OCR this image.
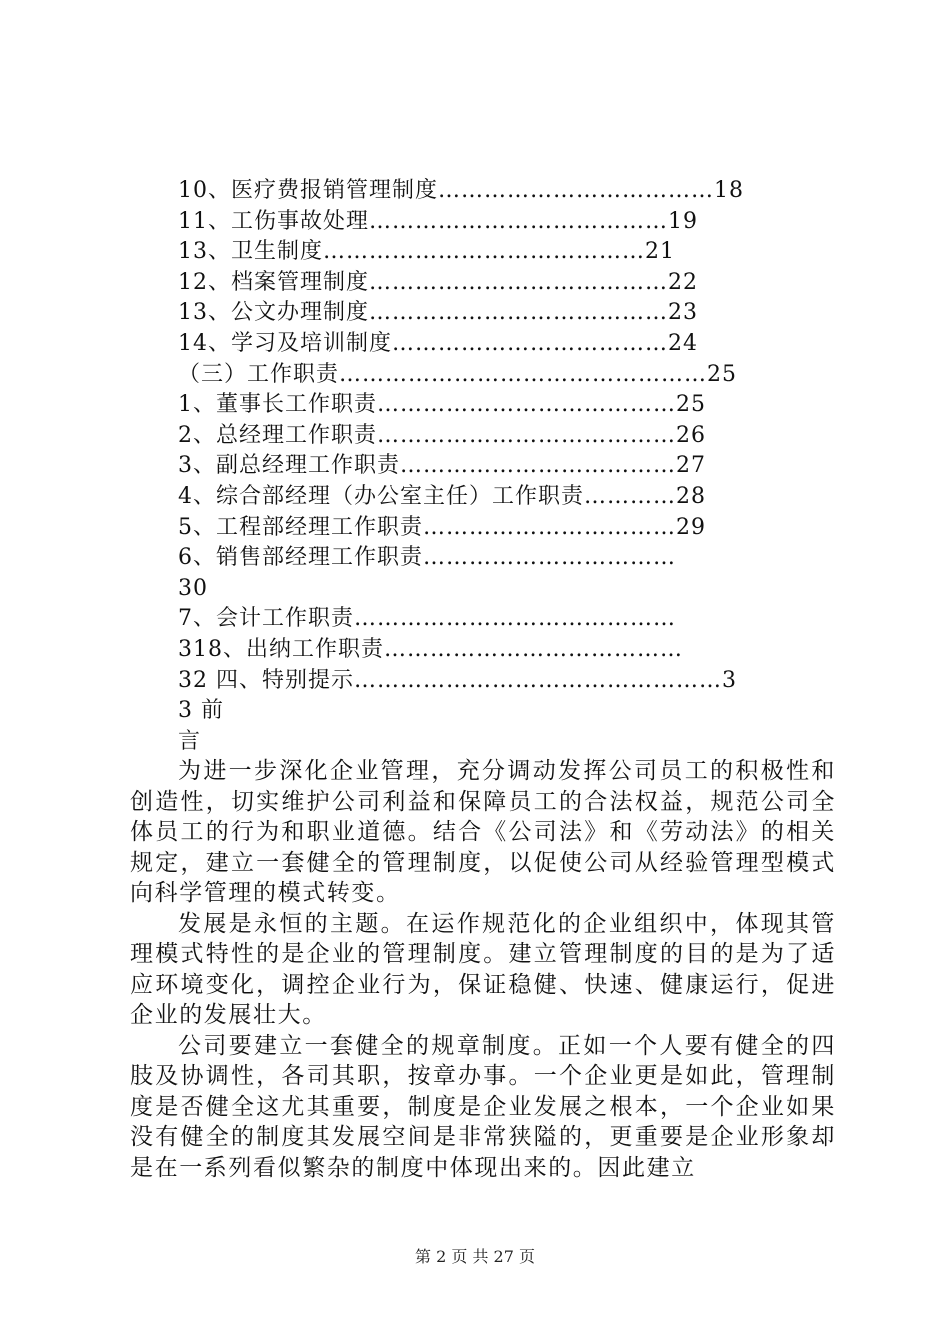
10、医疗费报销管理制度………………………………18
11、工伤事故处理…………………………………19
13、卫生制度……………………………………21
12、档案管理制度…………………………………22
13、公文办理制度…………………………………23
14、学习及培训制度………………………………24
（三）工作职责…………………………………………25
1、董事长工作职责…………………………………25
2、总经理工作职责…………………………………26
3、副总经理工作职责………………………………27
4、综合部经理（办公室主任）工作职责…………28
5、工程部经理工作职责……………………………29
6、销售部经理工作职责……………………………
30
7、会计工作职责……………………………………
318、出纳工作职责…………………………………
32 四、特别提示…………………………………………3
3 前
言

为进一步深化企业管理，充分调动发挥公司员工的积极性和创造性，切实维护公司利益和保障员工的合法权益，规范公司全体员工的行为和职业道德。结合《公司法》和《劳动法》的相关规定，建立一套健全的管理制度，以促使公司从经验管理型模式向科学管理的模式转变。

发展是永恒的主题。在运作规范化的企业组织中，体现其管理模式特性的是企业的管理制度。建立管理制度的目的是为了适应环境变化，调控企业行为，保证稳健、快速、健康运行，促进企业的发展壮大。

公司要建立一套健全的规章制度。正如一个人要有健全的四肢及协调性，各司其职，按章办事。一个企业更是如此，管理制度是否健全这尤其重要，制度是企业发展之根本，一个企业如果没有健全的制度其发展空间是非常狭隘的，更重要是企业形象却是在一系列看似繁杂的制度中体现出来的。因此建立

第 2 页 共 27 页
